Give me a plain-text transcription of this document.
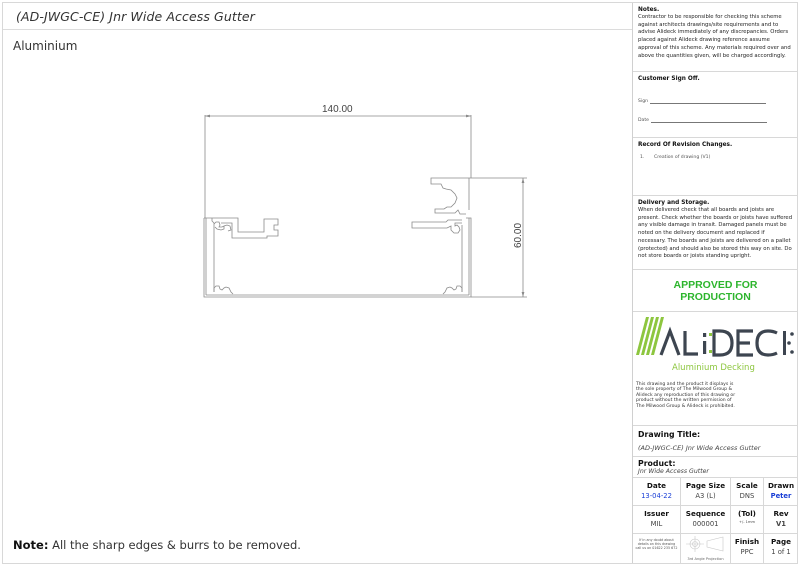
(AD-JWGC-CE) Jnr Wide Access Gutter
Aluminium
140.00
60.00
Note: All the sharp edges & burrs to be removed.
Notes.

Contractor to be responsible for checking this scheme against architects drawings/site requirements and to advise Alideck immediately of any discrepancies. Orders placed against Alideck drawing reference assume approval of this scheme. Any materials required over and above the quantities given, will be charged accordingly.

Customer Sign Off.
Sign
Date
Record Of Revision Changes.
1.	Creation of drawing (V1)
Delivery and Storage.

When delivered check that all boards and joists are present. Check whether the boards or joists have suffered any visible damage in transit. Damaged panels must be noted on the delivery document and replaced if necessary. The boards and joists are delivered on a pallet (protected) and should also be stored this way on site. Do not store boards or joists standing upright.

APPROVED FOR
PRODUCTION
Aluminium Decking
This drawing and the product it displays is the sole property of The Milwood Group & Alideck any reproduction of this drawing or product without the written permission of The Milwood Group & Alideck is prohibited.
Drawing Title:
(AD-JWGC-CE) Jnr Wide Access Gutter
Product:
Jnr Wide Access Gutter
Date
13-04-22
Page Size
A3 (L)
Scale
DNS
Drawn
Peter
Issuer
MIL
Sequence
000001
(Tol)
+/- 1mm
Rev
V1
If in any doubt about details on this drawing call us on 01622 235 672
3rd Angle Projection
Finish
PPC
Page
1 of 1
